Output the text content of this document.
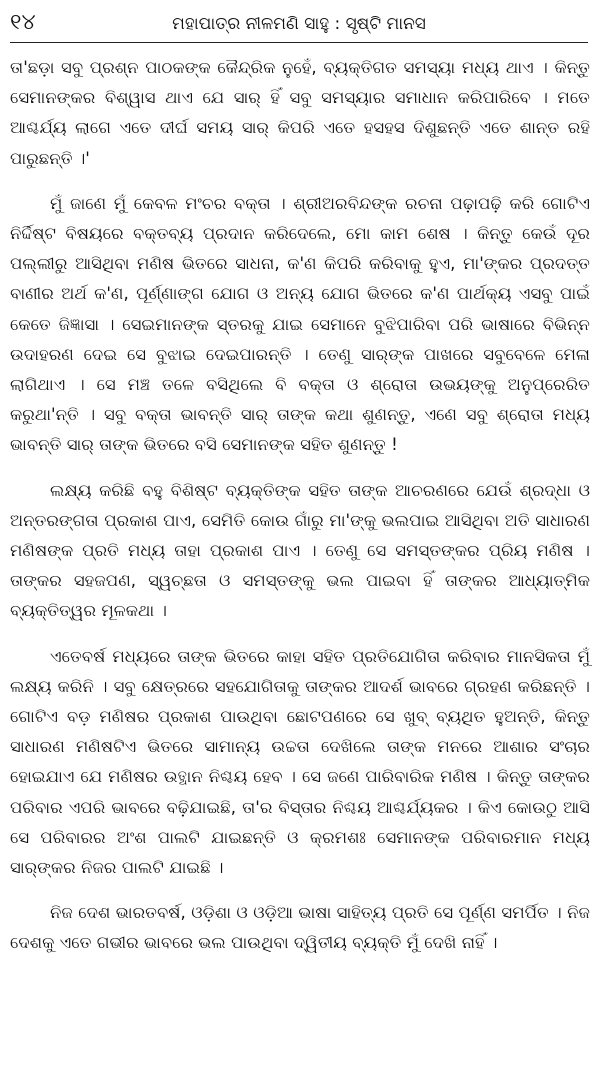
୧୪	ମହାପାତ୍ର ନୀଳମଣି ସାହୁ : ସୃଷ୍ଟି ମାନସ

ତା'ଛଡ଼ା ସବୁ ପ୍ରଶ୍ନ ପାଠକଙ୍କ କୈନ୍ଦ୍ରିକ ନୁହେଁ, ବ୍ୟକ୍ତିଗତ ସମସ୍ୟା ମଧ୍ୟ ଥାଏ । କିନ୍ତୁ ସେମାନଙ୍କର ବିଶ୍ୱାସ ଥାଏ ଯେ ସାର୍ ହିଁ ସବୁ ସମସ୍ୟାର ସମାଧାନ କରିପାରିବେ । ମତେ ଆଶ୍ଚର୍ଯ୍ୟ ଲାଗେ ଏତେ ଦୀର୍ଘ ସମୟ ସାର୍ କିପରି ଏତେ ହସହସ ଦିଶୁଛନ୍ତି ଏତେ ଶାନ୍ତ ରହି ପାରୁଛନ୍ତି ।'

ମୁଁ ଜାଣେ ମୁଁ କେବଳ ମଂଚର ବକ୍ତା । ଶ୍ରୀଅରବିନ୍ଦଙ୍କ ରଚନା ପଢ଼ାପଢ଼ି କରି ଗୋଟିଏ ନିର୍ଦ୍ଦିଷ୍ଟ ବିଷୟରେ ବକ୍ତବ୍ୟ ପ୍ରଦାନ କରିଦେଲେ, ମୋ କାମ ଶେଷ । କିନ୍ତୁ କେଉଁ ଦୂର ପଲ୍ଲୀରୁ ଆସିଥିବା ମଣିଷ ଭିତରେ ସାଧନା, କ'ଣ କିପରି କରିବାକୁ ହୁଏ, ମା'ଙ୍କର ପ୍ରଦତ୍ତ ବାଣୀର ଅର୍ଥ କ'ଣ, ପୂର୍ଣ୍ଣାଙ୍ଗ ଯୋଗ ଓ ଅନ୍ୟ ଯୋଗ ଭିତରେ କ'ଣ ପାର୍ଥକ୍ୟ ଏସବୁ ପାଇଁ କେତେ ଜିଜ୍ଞାସା । ସେଇମାନଙ୍କ ସ୍ତରକୁ ଯାଇ ସେମାନେ ବୁଝିପାରିବା ପରି ଭାଷାରେ ବିଭିନ୍ନ ଉଦାହରଣ ଦେଇ ସେ ବୁଝାଇ ଦେଇପାରନ୍ତି । ତେଣୁ ସାର୍‌ଙ୍କ ପାଖରେ ସବୁବେଳେ ମେଳା ଲାଗିଥାଏ । ସେ ମଞ୍ଚ ତଳେ ବସିଥିଲେ ବି ବକ୍ତା ଓ ଶ୍ରୋତା ଉଭୟଙ୍କୁ ଅନୁପ୍ରେରିତ କରୁଥା'ନ୍ତି । ସବୁ ବକ୍ତା ଭାବନ୍ତି ସାର୍ ତାଙ୍କ କଥା ଶୁଣନ୍ତୁ, ଏଣେ ସବୁ ଶ୍ରୋତା ମଧ୍ୟ ଭାବନ୍ତି ସାର୍ ତାଙ୍କ ଭିତରେ ବସି ସେମାନଙ୍କ ସହିତ ଶୁଣନ୍ତୁ !

ଲକ୍ଷ୍ୟ କରିଛି ବହୁ ବିଶିଷ୍ଟ ବ୍ୟକ୍ତିଙ୍କ ସହିତ ତାଙ୍କ ଆଚରଣରେ ଯେଉଁ ଶ୍ରଦ୍ଧା ଓ ଅନ୍ତରଙ୍ଗତା ପ୍ରକାଶ ପାଏ, ସେମିତି କୋଉ ଗାଁରୁ ମା'ଙ୍କୁ ଭଲପାଇ ଆସିଥିବା ଅତି ସାଧାରଣ ମଣିଷଙ୍କ ପ୍ରତି ମଧ୍ୟ ତାହା ପ୍ରକାଶ ପାଏ । ତେଣୁ ସେ ସମସ୍ତଙ୍କର ପ୍ରିୟ ମଣିଷ । ତାଙ୍କର ସହଜପଣ, ସ୍ୱଚ୍ଛତା ଓ ସମସ୍ତଙ୍କୁ ଭଲ ପାଇବା ହିଁ ତାଙ୍କର ଆଧ୍ୟାତ୍ମିକ ବ୍ୟକ୍ତିତ୍ୱର ମୂଳକଥା ।

ଏତେବର୍ଷ ମଧ୍ୟରେ ତାଙ୍କ ଭିତରେ କାହା ସହିତ ପ୍ରତିଯୋଗିତା କରିବାର ମାନସିକତା ମୁଁ ଲକ୍ଷ୍ୟ କରିନି । ସବୁ କ୍ଷେତ୍ରରେ ସହଯୋଗିତାକୁ ତାଙ୍କର ଆଦର୍ଶ ଭାବରେ ଗ୍ରହଣ କରିଛନ୍ତି । ଗୋଟିଏ ବଡ଼ ମଣିଷର ପ୍ରକାଶ ପାଉଥିବା ଛୋଟପଣରେ ସେ ଖୁବ୍ ବ୍ୟଥିତ ହୁଅନ୍ତି, କିନ୍ତୁ ସାଧାରଣ ମଣିଷଟିଏ ଭିତରେ ସାମାନ୍ୟ ଉଚ୍ଚତା ଦେଖିଲେ ତାଙ୍କ ମନରେ ଆଶାର ସଂଚାର ହୋଇଯାଏ ଯେ ମଣିଷର ଉତ୍ଥାନ ନିଶ୍ଚୟ ହେବ । ସେ ଜଣେ ପାରିବାରିକ ମଣିଷ । କିନ୍ତୁ ତାଙ୍କର ପରିବାର ଏପରି ଭାବରେ ବଢ଼ିଯାଇଛି, ତା'ର ବିସ୍ତାର ନିଶ୍ଚୟ ଆଶ୍ଚର୍ଯ୍ୟକର । କିଏ କୋଉଠୁ ଆସି ସେ ପରିବାରର ଅଂଶ ପାଲଟି ଯାଇଛନ୍ତି ଓ କ୍ରମଶଃ ସେମାନଙ୍କ ପରିବାରମାନ ମଧ୍ୟ ସାର୍‌ଙ୍କର ନିଜର ପାଲଟି ଯାଇଛି ।

ନିଜ ଦେଶ ଭାରତବର୍ଷ, ଓଡ଼ିଶା ଓ ଓଡ଼ିଆ ଭାଷା ସାହିତ୍ୟ ପ୍ରତି ସେ ପୂର୍ଣ୍ଣ ସମର୍ପିତ । ନିଜ ଦେଶକୁ ଏତେ ଗଭୀର ଭାବରେ ଭଲ ପାଉଥିବା ଦ୍ୱିତୀୟ ବ୍ୟକ୍ତି ମୁଁ ଦେଖି ନାହିଁ ।
